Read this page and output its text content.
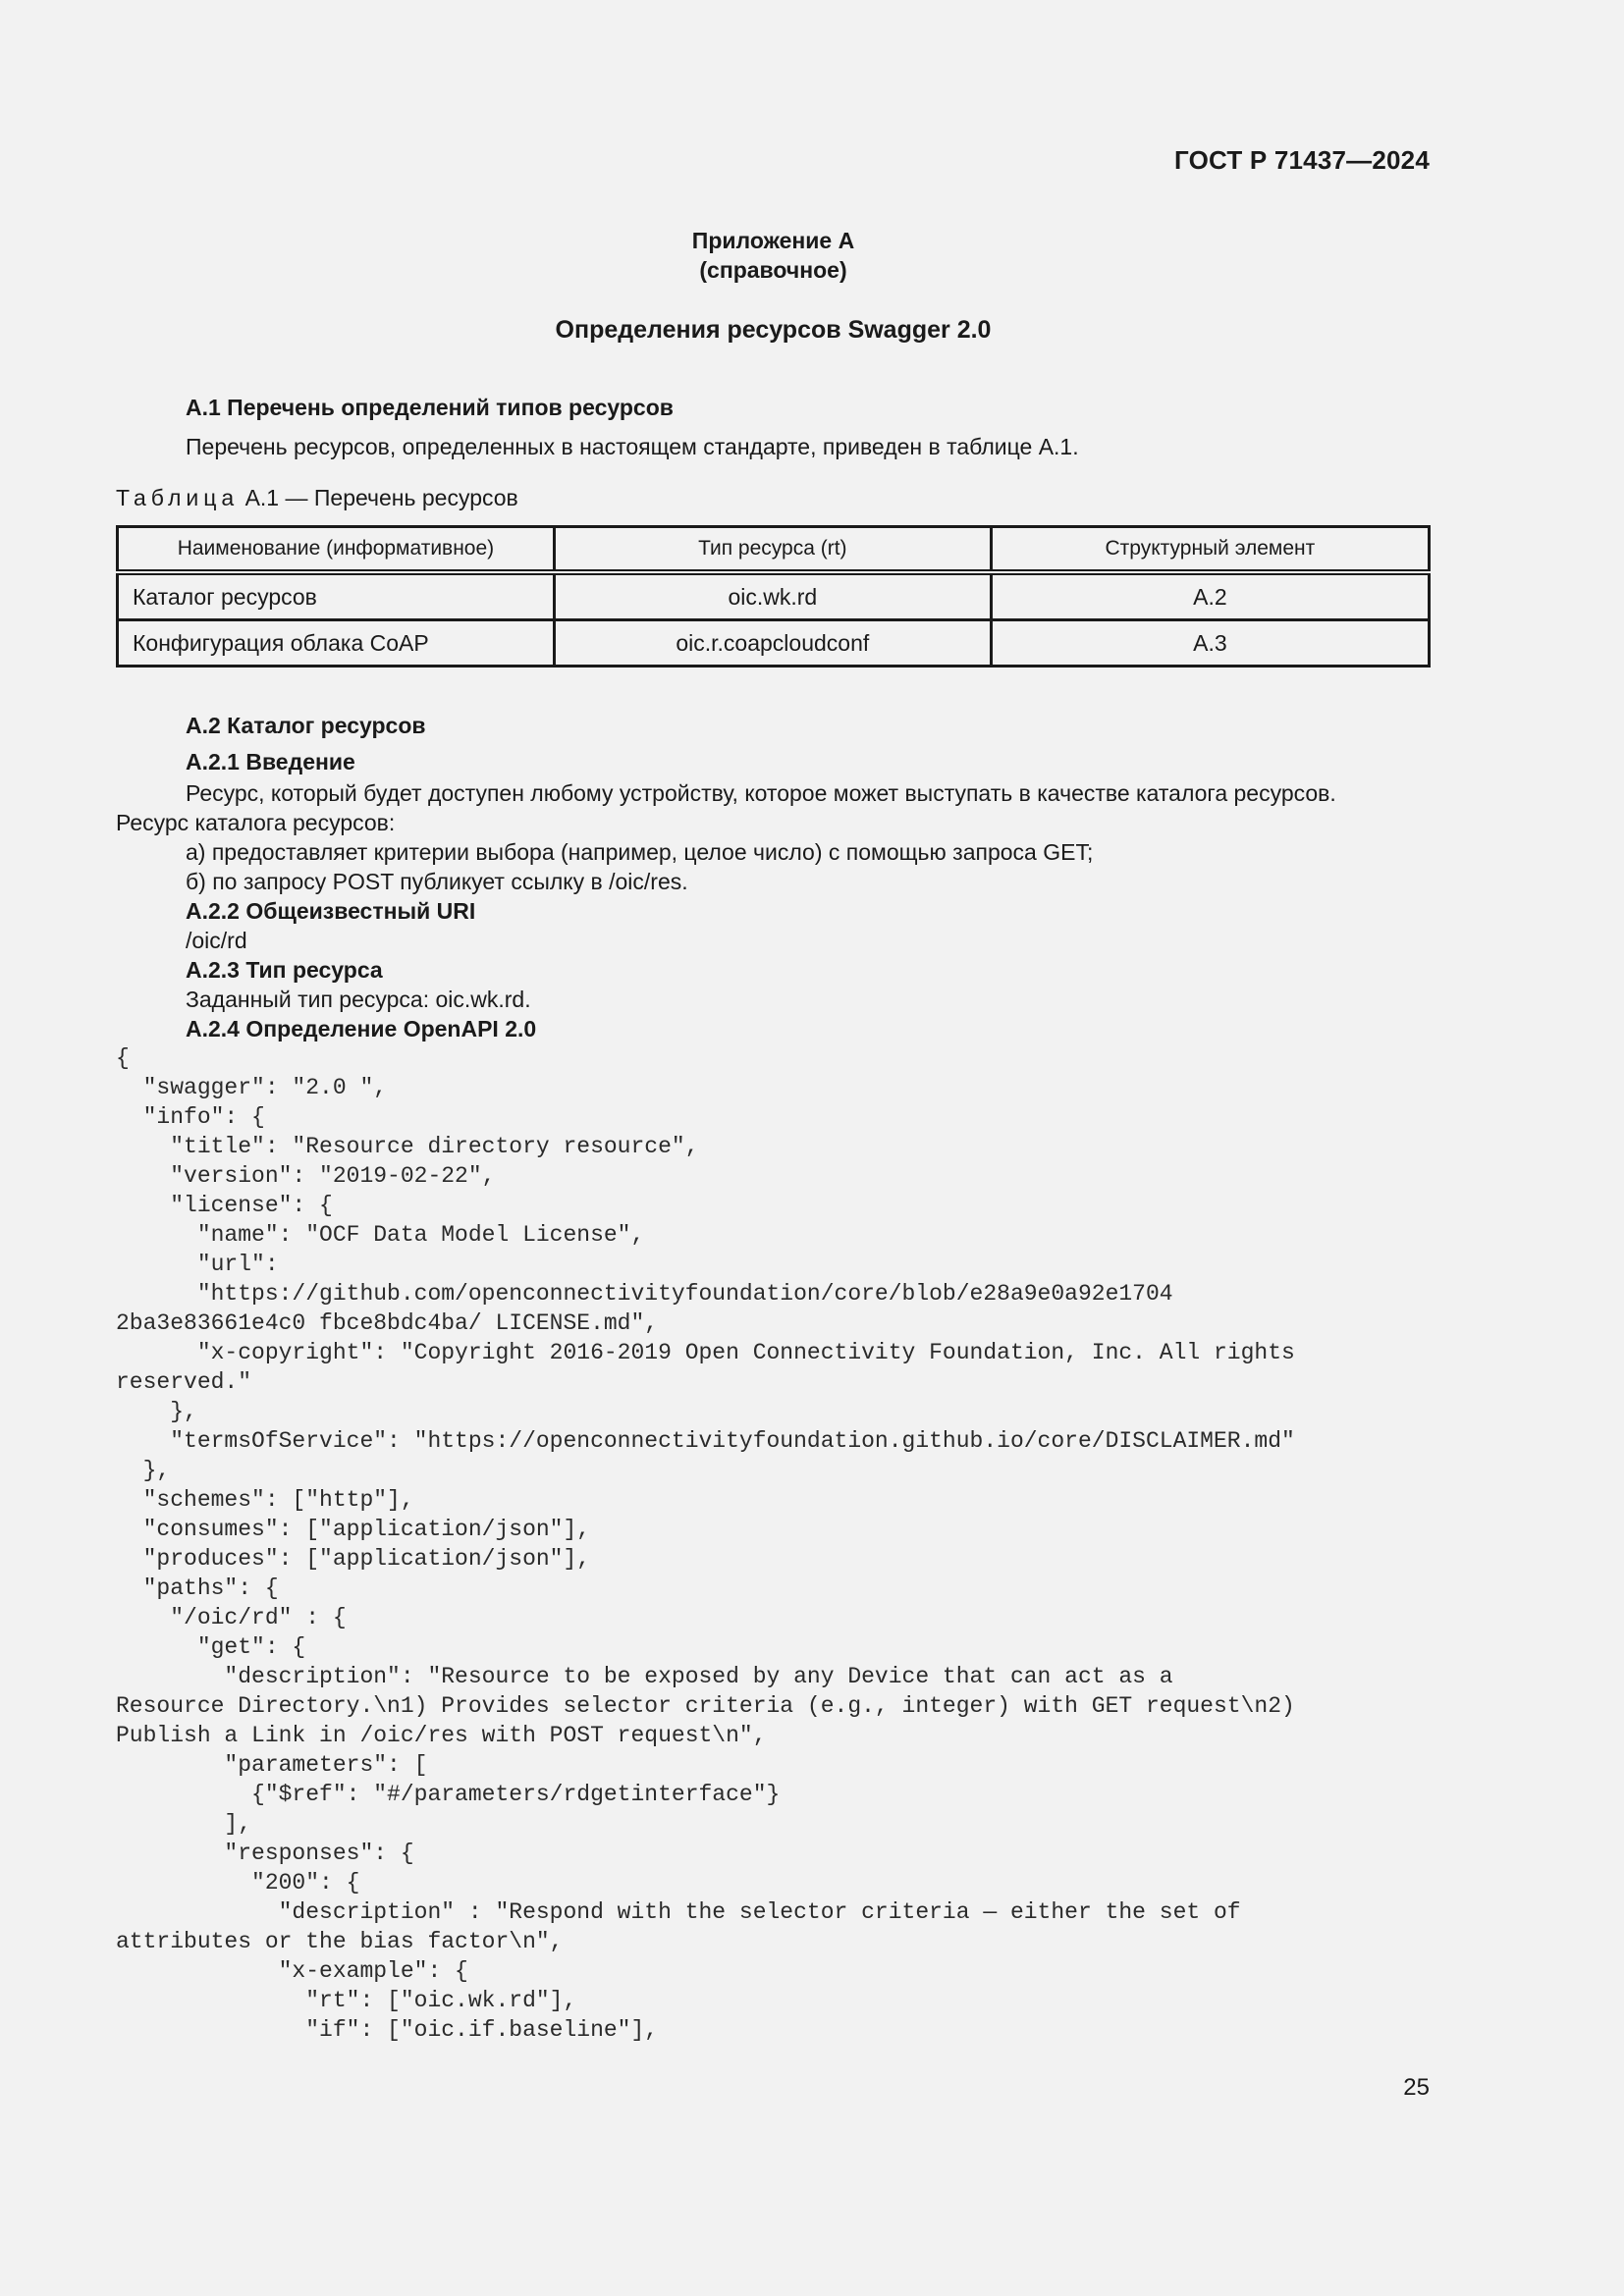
ГОСТ Р 71437—2024
Приложение А
(справочное)
Определения ресурсов Swagger 2.0
А.1 Перечень определений типов ресурсов
Перечень ресурсов, определенных в настоящем стандарте, приведен в таблице А.1.
Таблица А.1 — Перечень ресурсов
Наименование (информативное)	Тип ресурса (rt)	Структурный элемент
Каталог ресурсов	oic.wk.rd	А.2
Конфигурация облака CoAP	oic.r.coapcloudconf	А.3
А.2 Каталог ресурсов
А.2.1 Введение
Ресурс, который будет доступен любому устройству, которое может выступать в качестве каталога ресурсов.
Ресурс каталога ресурсов:
а) предоставляет критерии выбора (например, целое число) с помощью запроса GET;
б) по запросу POST публикует ссылку в /oic/res.
А.2.2 Общеизвестный URI
/oic/rd
А.2.3 Тип ресурса
Заданный тип ресурса: oic.wk.rd.
А.2.4 Определение OpenAPI 2.0
{
"swagger": "2.0 ",
"info": {
"title": "Resource directory resource",
"version": "2019-02-22",
"license": {
"name": "OCF Data Model License",
"url":
"https://github.com/openconnectivityfoundation/core/blob/e28a9e0a92e1704
2ba3e83661e4c0 fbce8bdc4ba/ LICENSE.md",
"x-copyright": "Copyright 2016-2019 Open Connectivity Foundation, Inc. All rights
reserved."
},
"termsOfService": "https://openconnectivityfoundation.github.io/core/DISCLAIMER.md"
},
"schemes": ["http"],
"consumes": ["application/json"],
"produces": ["application/json"],
"paths": {
"/oic/rd" : {
"get": {
"description": "Resource to be exposed by any Device that can act as a
Resource Directory.\n1) Provides selector criteria (e.g., integer) with GET request\n2)
Publish a Link in /oic/res with POST request\n",
"parameters": [
{"$ref": "#/parameters/rdgetinterface"}
],
"responses": {
"200": {
"description" : "Respond with the selector criteria — either the set of
attributes or the bias factor\n",
"x-example": {
"rt": ["oic.wk.rd"],
"if": ["oic.if.baseline"],
25
